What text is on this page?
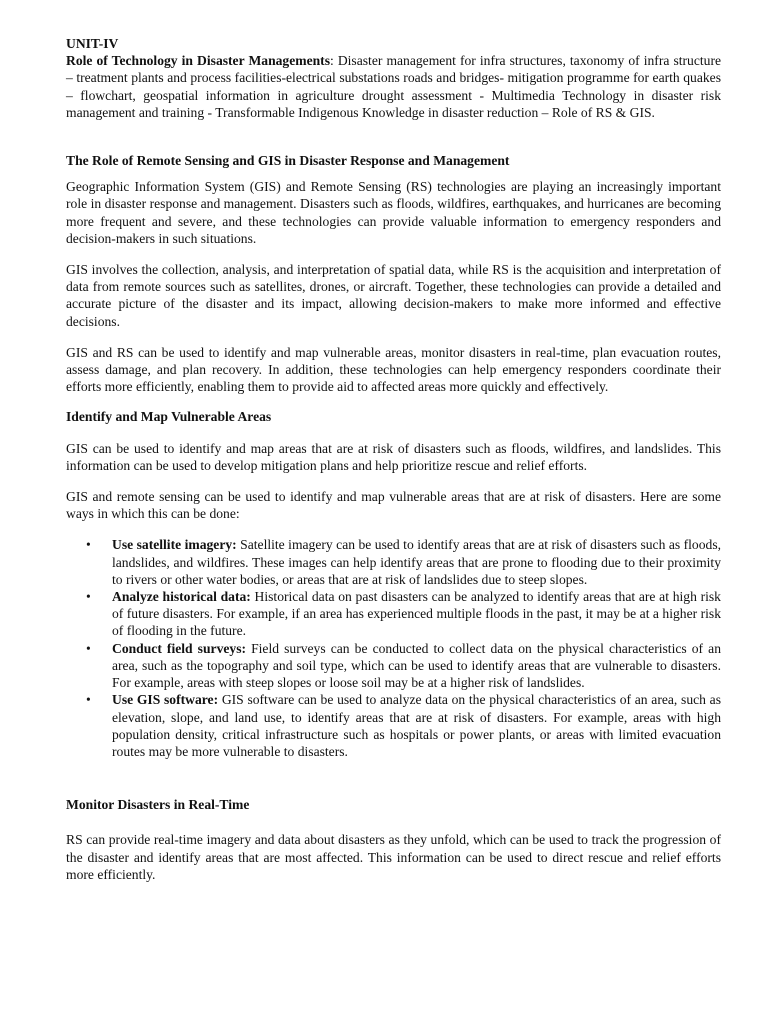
UNIT-IV

Role of Technology in Disaster Managements: Disaster management for infra structures, taxonomy of infra structure – treatment plants and process facilities-electrical substations roads and bridges- mitigation programme for earth quakes – flowchart, geospatial information in agriculture drought assessment - Multimedia Technology in disaster risk management and training - Transformable Indigenous Knowledge in disaster reduction – Role of RS & GIS.

The Role of Remote Sensing and GIS in Disaster Response and Management

Geographic Information System (GIS) and Remote Sensing (RS) technologies are playing an increasingly important role in disaster response and management. Disasters such as floods, wildfires, earthquakes, and hurricanes are becoming more frequent and severe, and these technologies can provide valuable information to emergency responders and decision-makers in such situations.

GIS involves the collection, analysis, and interpretation of spatial data, while RS is the acquisition and interpretation of data from remote sources such as satellites, drones, or aircraft. Together, these technologies can provide a detailed and accurate picture of the disaster and its impact, allowing decision-makers to make more informed and effective decisions.

GIS and RS can be used to identify and map vulnerable areas, monitor disasters in real-time, plan evacuation routes, assess damage, and plan recovery. In addition, these technologies can help emergency responders coordinate their efforts more efficiently, enabling them to provide aid to affected areas more quickly and effectively.

Identify and Map Vulnerable Areas

GIS can be used to identify and map areas that are at risk of disasters such as floods, wildfires, and landslides. This information can be used to develop mitigation plans and help prioritize rescue and relief efforts.

GIS and remote sensing can be used to identify and map vulnerable areas that are at risk of disasters. Here are some ways in which this can be done:

• Use satellite imagery: Satellite imagery can be used to identify areas that are at risk of disasters such as floods, landslides, and wildfires. These images can help identify areas that are prone to flooding due to their proximity to rivers or other water bodies, or areas that are at risk of landslides due to steep slopes.
• Analyze historical data: Historical data on past disasters can be analyzed to identify areas that are at high risk of future disasters. For example, if an area has experienced multiple floods in the past, it may be at a higher risk of flooding in the future.
• Conduct field surveys: Field surveys can be conducted to collect data on the physical characteristics of an area, such as the topography and soil type, which can be used to identify areas that are vulnerable to disasters. For example, areas with steep slopes or loose soil may be at a higher risk of landslides.
• Use GIS software: GIS software can be used to analyze data on the physical characteristics of an area, such as elevation, slope, and land use, to identify areas that are at risk of disasters. For example, areas with high population density, critical infrastructure such as hospitals or power plants, or areas with limited evacuation routes may be more vulnerable to disasters.

Monitor Disasters in Real-Time

RS can provide real-time imagery and data about disasters as they unfold, which can be used to track the progression of the disaster and identify areas that are most affected. This information can be used to direct rescue and relief efforts more efficiently.
